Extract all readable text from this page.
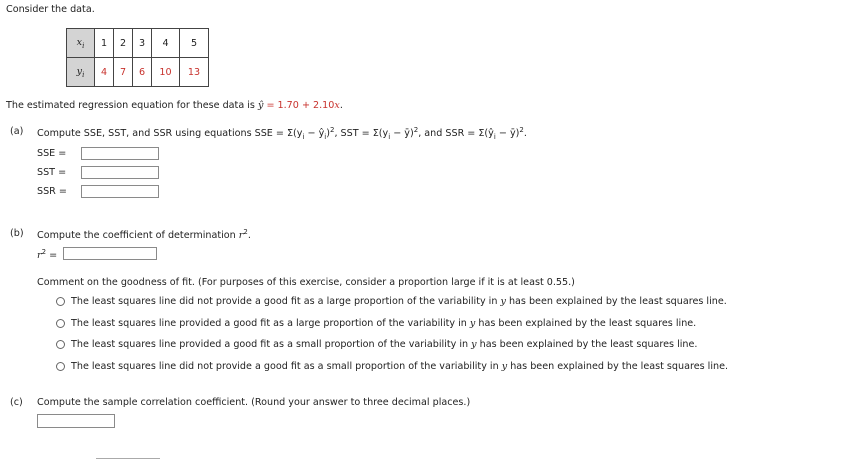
Consider the data.
$x_i$	1	2	3	4	5
$y_i$	4	7	6	10	13
The estimated regression equation for these data is ŷ = 1.70 + 2.10x.
(a) Compute SSE, SST, and SSR using equations SSE = $\Sigma(y_i$ − $ŷ_i)^2$, SST = $\Sigma(y_i$ − ȳ)$^2$, and SSR = $\Sigma(ŷ_i$ − ȳ)$^2$.
SSE =
SST =
SSR =
(b) Compute the coefficient of determination $r^2$.
$r^2$ =
Comment on the goodness of fit. (For purposes of this exercise, consider a proportion large if it is at least 0.55.)
The least squares line did not provide a good fit as a large proportion of the variability in y has been explained by the least squares line.
The least squares line provided a good fit as a large proportion of the variability in y has been explained by the least squares line.
The least squares line provided a good fit as a small proportion of the variability in y has been explained by the least squares line.
The least squares line did not provide a good fit as a small proportion of the variability in y has been explained by the least squares line.
(c) Compute the sample correlation coefficient. (Round your answer to three decimal places.)
